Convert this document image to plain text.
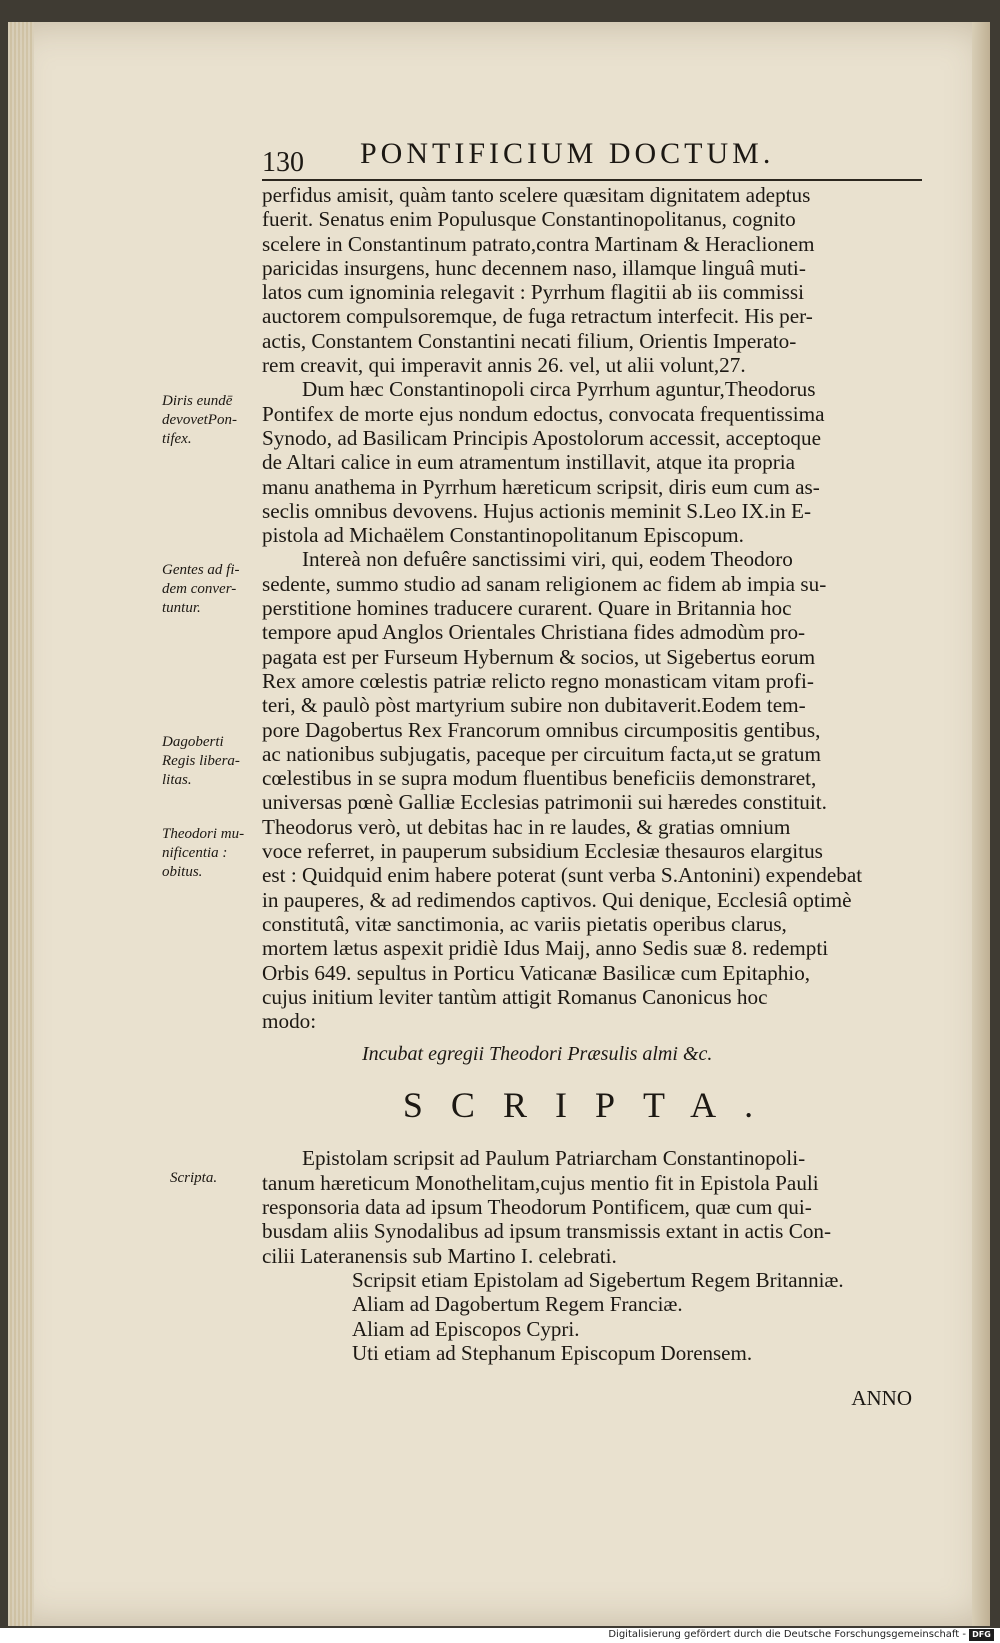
130 PONTIFICIUM DOCTUM.

perfidus amisit, quàm tanto scelere quæsitam dignitatem adeptus
fuerit. Senatus enim Populusque Constantinopolitanus, cognito
scelere in Constantinum patrato,contra Martinam & Heraclionem
paricidas insurgens, hunc decennem naso, illamque linguâ muti-
latos cum ignominia relegavit : Pyrrhum flagitii ab iis commissi
auctorem compulsoremque, de fuga retractum interfecit. His per-
actis, Constantem Constantini necati filium, Orientis Imperato-
rem creavit, qui imperavit annis 26. vel, ut alii volunt,27.

Dum hæc Constantinopoli circa Pyrrhum aguntur,Theodorus
Pontifex de morte ejus nondum edoctus, convocata frequentissima
Synodo, ad Basilicam Principis Apostolorum accessit, acceptoque
de Altari calice in eum atramentum instillavit, atque ita propria
manu anathema in Pyrrhum hæreticum scripsit, diris eum cum as-
seclis omnibus devovens. Hujus actionis meminit S.Leo IX.in E-
pistola ad Michaëlem Constantinopolitanum Episcopum.

Intereà non defuêre sanctissimi viri, qui, eodem Theodoro
sedente, summo studio ad sanam religionem ac fidem ab impia su-
perstitione homines traducere curarent. Quare in Britannia hoc
tempore apud Anglos Orientales Christiana fides admodùm pro-
pagata est per Furseum Hybernum & socios, ut Sigebertus eorum
Rex amore cœlestis patriæ relicto regno monasticam vitam profi-
teri, & paulò pòst martyrium subire non dubitaverit.Eodem tem-
pore Dagobertus Rex Francorum omnibus circumpositis gentibus,
ac nationibus subjugatis, paceque per circuitum facta,ut se gratum
cœlestibus in se supra modum fluentibus beneficiis demonstraret,
universas pœnè Galliæ Ecclesias patrimonii sui hæredes constituit.
Theodorus verò, ut debitas hac in re laudes, & gratias omnium
voce referret, in pauperum subsidium Ecclesiæ thesauros elargitus
est : Quidquid enim habere poterat (sunt verba S.Antonini) expendebat
in pauperes, & ad redimendos captivos. Qui denique, Ecclesiâ optimè
constitutâ, vitæ sanctimonia, ac variis pietatis operibus clarus,
mortem lætus aspexit pridiè Idus Maij, anno Sedis suæ 8. redempti
Orbis 649. sepultus in Porticu Vaticanæ Basilicæ cum Epitaphio,
cujus initium leviter tantùm attigit Romanus Canonicus hoc
modo:

Incubat egregii Theodori Præsulis almi &c.
SCRIPTA.

Epistolam scripsit ad Paulum Patriarcham Constantinopoli-
tanum hæreticum Monothelitam,cujus mentio fit in Epistola Pauli
responsoria data ad ipsum Theodorum Pontificem, quæ cum qui-
busdam aliis Synodalibus ad ipsum transmissis extant in actis Con-
cilii Lateranensis sub Martino I. celebrati.

Scripsit etiam Epistolam ad Sigebertum Regem Britanniæ.
Aliam ad Dagobertum Regem Franciæ.
Aliam ad Episcopos Cypri.
Uti etiam ad Stephanum Episcopum Dorensem.
ANNO
Diris eundē
devovetPon-
tifex.
Gentes ad fi-
dem conver-
tuntur.
Dagoberti
Regis libera-
litas.
Theodori mu-
nificentia :
obitus.
Scripta.
Digitalisierung gefördert durch die Deutsche Forschungsgemeinschaft - DFG
